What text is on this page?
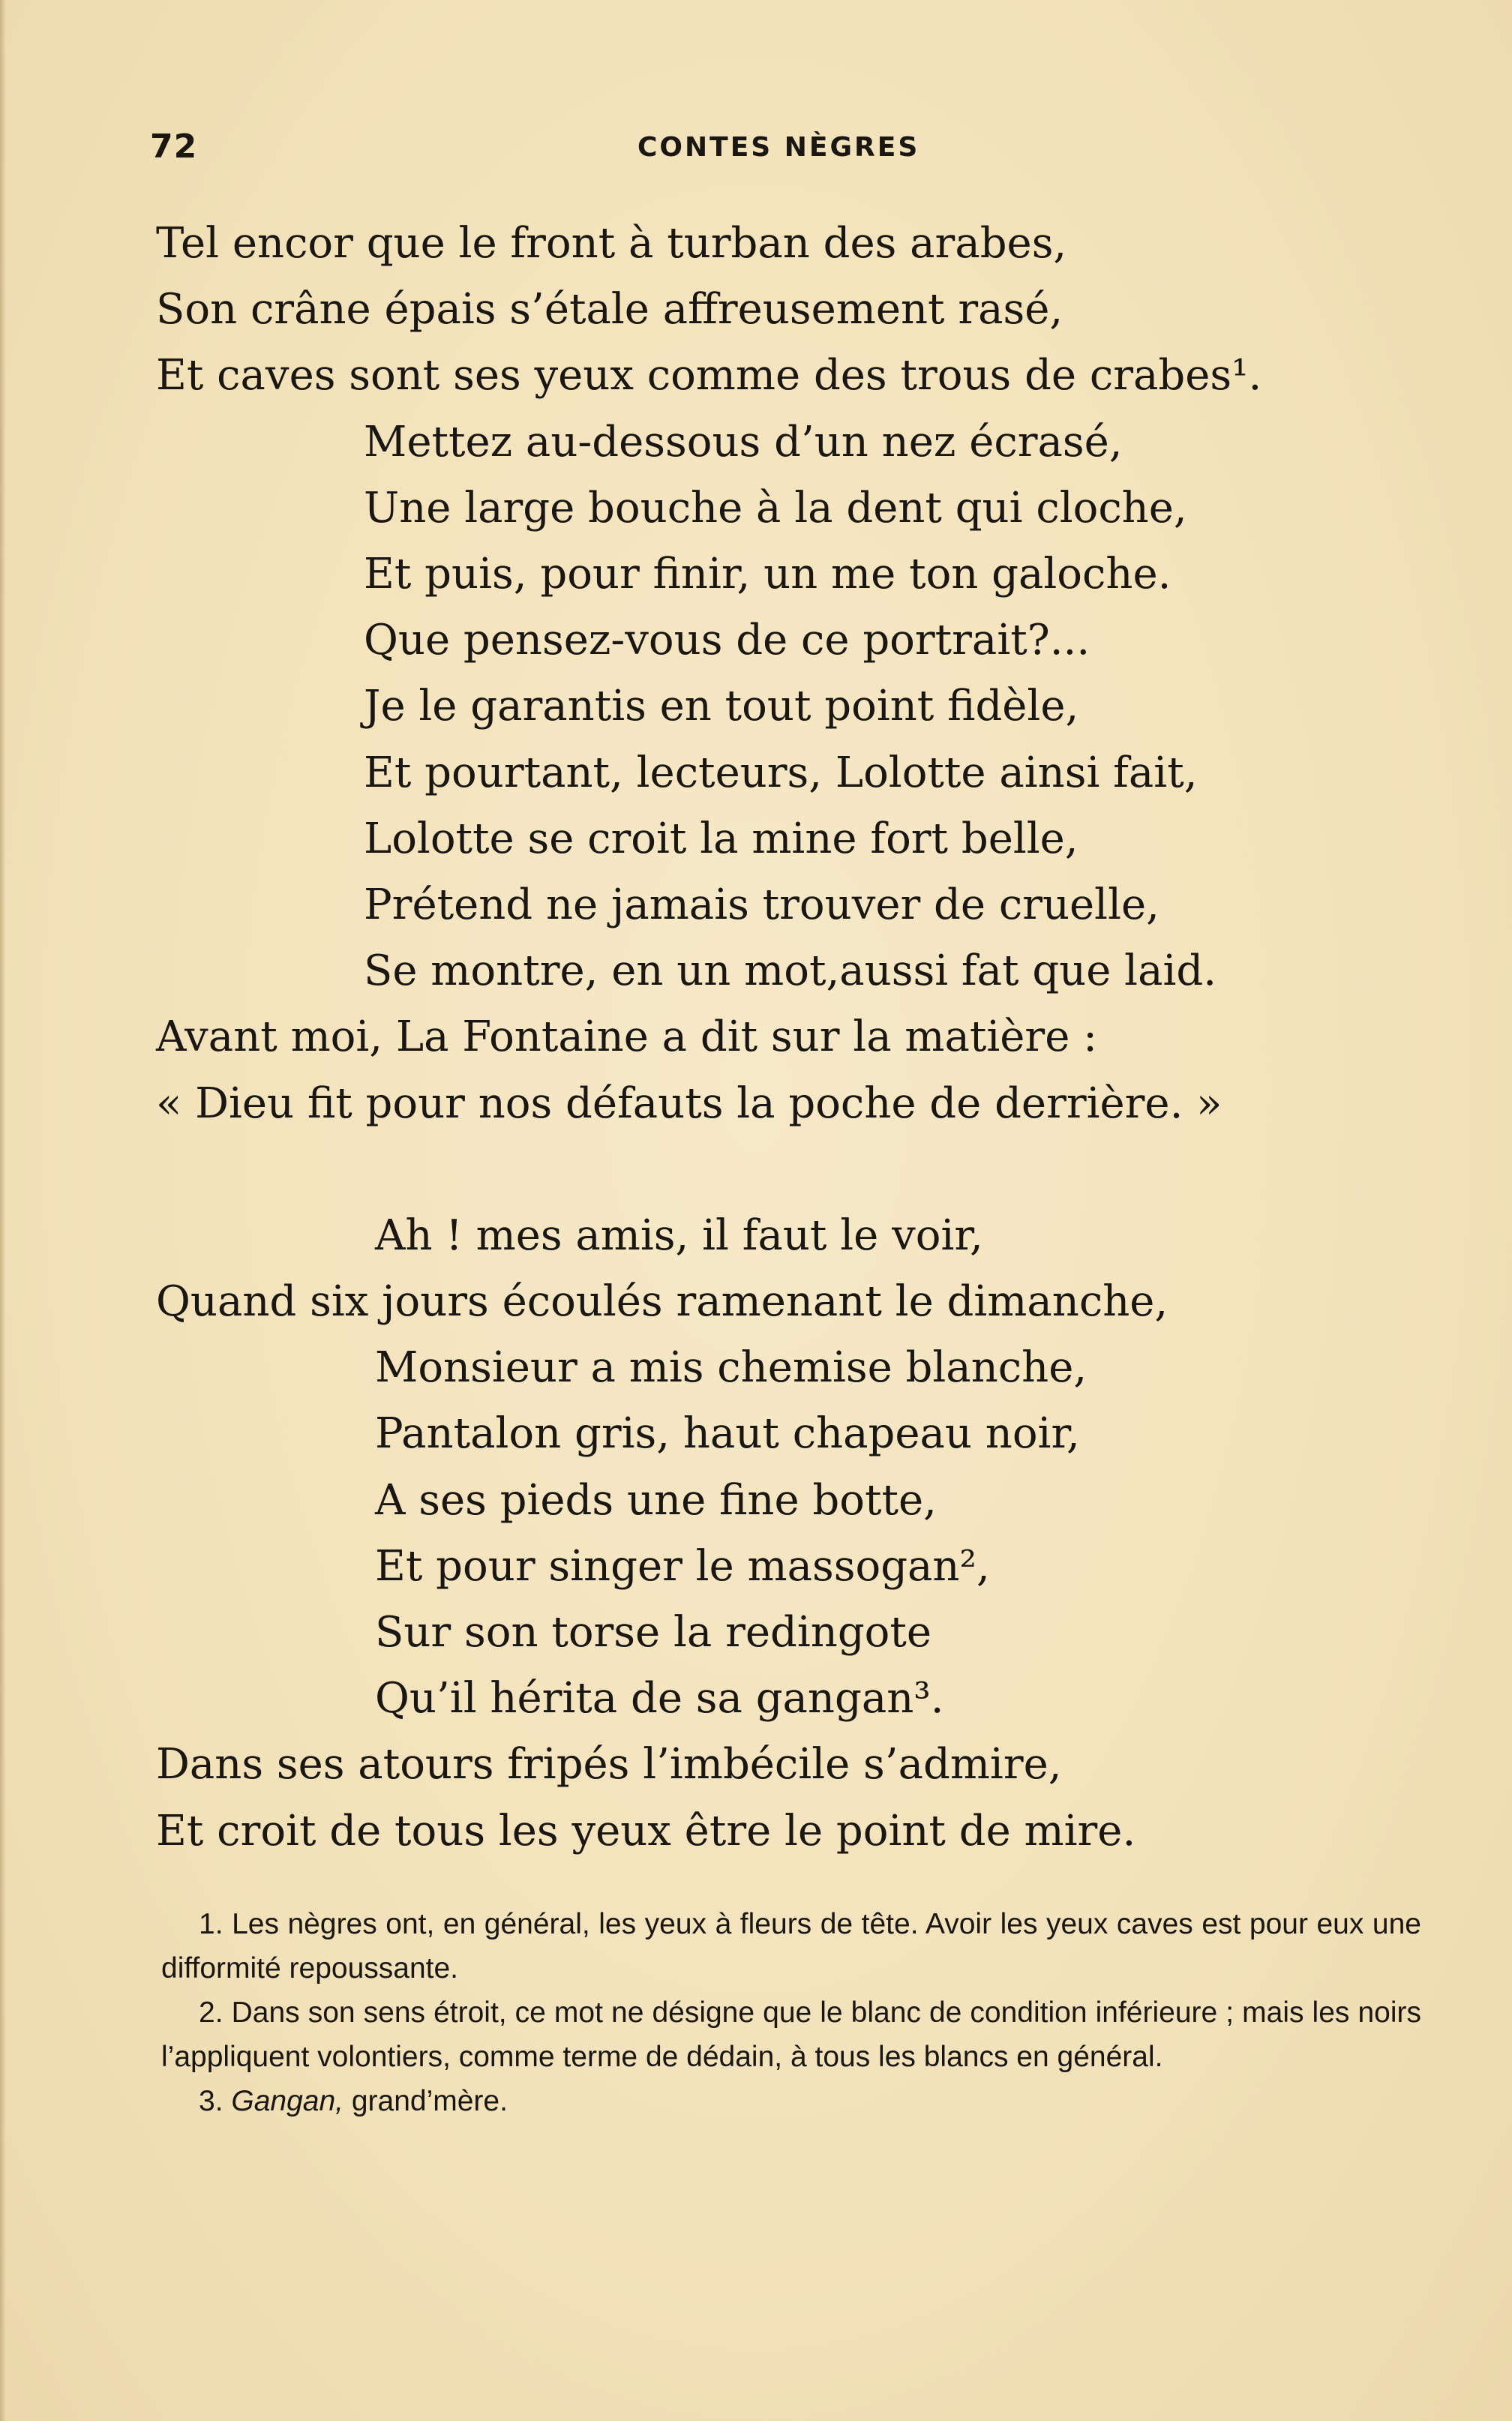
72	CONTES NÈGRES
Tel encor que le front à turban des arabes,
Son crâne épais s’étale affreusement rasé,
Et caves sont ses yeux comme des trous de crabes¹.
Mettez au-dessous d’un nez écrasé,
Une large bouche à la dent qui cloche,
Et puis, pour finir, un me ton galoche.
Que pensez-vous de ce portrait?...
Je le garantis en tout point fidèle,
Et pourtant, lecteurs, Lolotte ainsi fait,
Lolotte se croit la mine fort belle,
Prétend ne jamais trouver de cruelle,
Se montre, en un mot,aussi fat que laid.
Avant moi, La Fontaine a dit sur la matière :
« Dieu fit pour nos défauts la poche de derrière. »
Ah ! mes amis, il faut le voir,
Quand six jours écoulés ramenant le dimanche,
Monsieur a mis chemise blanche,
Pantalon gris, haut chapeau noir,
A ses pieds une fine botte,
Et pour singer le massogan²,
Sur son torse la redingote
Qu’il hérita de sa gangan³.
Dans ses atours fripés l’imbécile s’admire,
Et croit de tous les yeux être le point de mire.
1. Les nègres ont, en général, les yeux à fleurs de tête. Avoir les yeux caves est pour eux une difformité repoussante.
2. Dans son sens étroit, ce mot ne désigne que le blanc de condition inférieure ; mais les noirs l’appliquent volontiers, comme terme de dédain, à tous les blancs en général.
3. Gangan, grand’mère.
